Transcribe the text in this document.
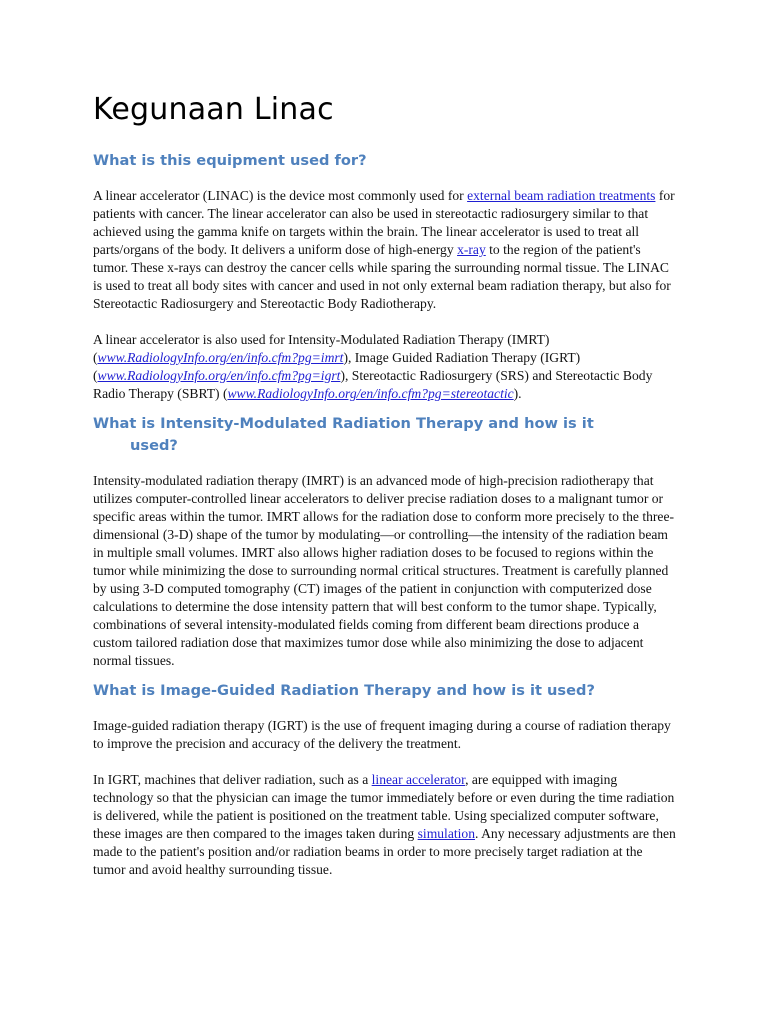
Kegunaan Linac
What is this equipment used for?

A linear accelerator (LINAC) is the device most commonly used for external beam radiation treatments for patients with cancer. The linear accelerator can also be used in stereotactic radiosurgery similar to that achieved using the gamma knife on targets within the brain. The linear accelerator is used to treat all parts/organs of the body. It delivers a uniform dose of high-energy x-ray to the region of the patient's tumor. These x-rays can destroy the cancer cells while sparing the surrounding normal tissue. The LINAC is used to treat all body sites with cancer and used in not only external beam radiation therapy, but also for Stereotactic Radiosurgery and Stereotactic Body Radiotherapy.

A linear accelerator is also used for Intensity-Modulated Radiation Therapy (IMRT) (www.RadiologyInfo.org/en/info.cfm?pg=imrt), Image Guided Radiation Therapy (IGRT) (www.RadiologyInfo.org/en/info.cfm?pg=igrt), Stereotactic Radiosurgery (SRS) and Stereotactic Body Radio Therapy (SBRT) (www.RadiologyInfo.org/en/info.cfm?pg=stereotactic).

What is Intensity-Modulated Radiation Therapy and how is it
used?

Intensity-modulated radiation therapy (IMRT) is an advanced mode of high-precision radiotherapy that utilizes computer-controlled linear accelerators to deliver precise radiation doses to a malignant tumor or specific areas within the tumor. IMRT allows for the radiation dose to conform more precisely to the three-dimensional (3-D) shape of the tumor by modulating—or controlling—the intensity of the radiation beam in multiple small volumes. IMRT also allows higher radiation doses to be focused to regions within the tumor while minimizing the dose to surrounding normal critical structures. Treatment is carefully planned by using 3-D computed tomography (CT) images of the patient in conjunction with computerized dose calculations to determine the dose intensity pattern that will best conform to the tumor shape. Typically, combinations of several intensity-modulated fields coming from different beam directions produce a custom tailored radiation dose that maximizes tumor dose while also minimizing the dose to adjacent normal tissues.

What is Image-Guided Radiation Therapy and how is it used?

Image-guided radiation therapy (IGRT) is the use of frequent imaging during a course of radiation therapy to improve the precision and accuracy of the delivery the treatment.

In IGRT, machines that deliver radiation, such as a linear accelerator, are equipped with imaging technology so that the physician can image the tumor immediately before or even during the time radiation is delivered, while the patient is positioned on the treatment table. Using specialized computer software, these images are then compared to the images taken during simulation. Any necessary adjustments are then made to the patient's position and/or radiation beams in order to more precisely target radiation at the tumor and avoid healthy surrounding tissue.
